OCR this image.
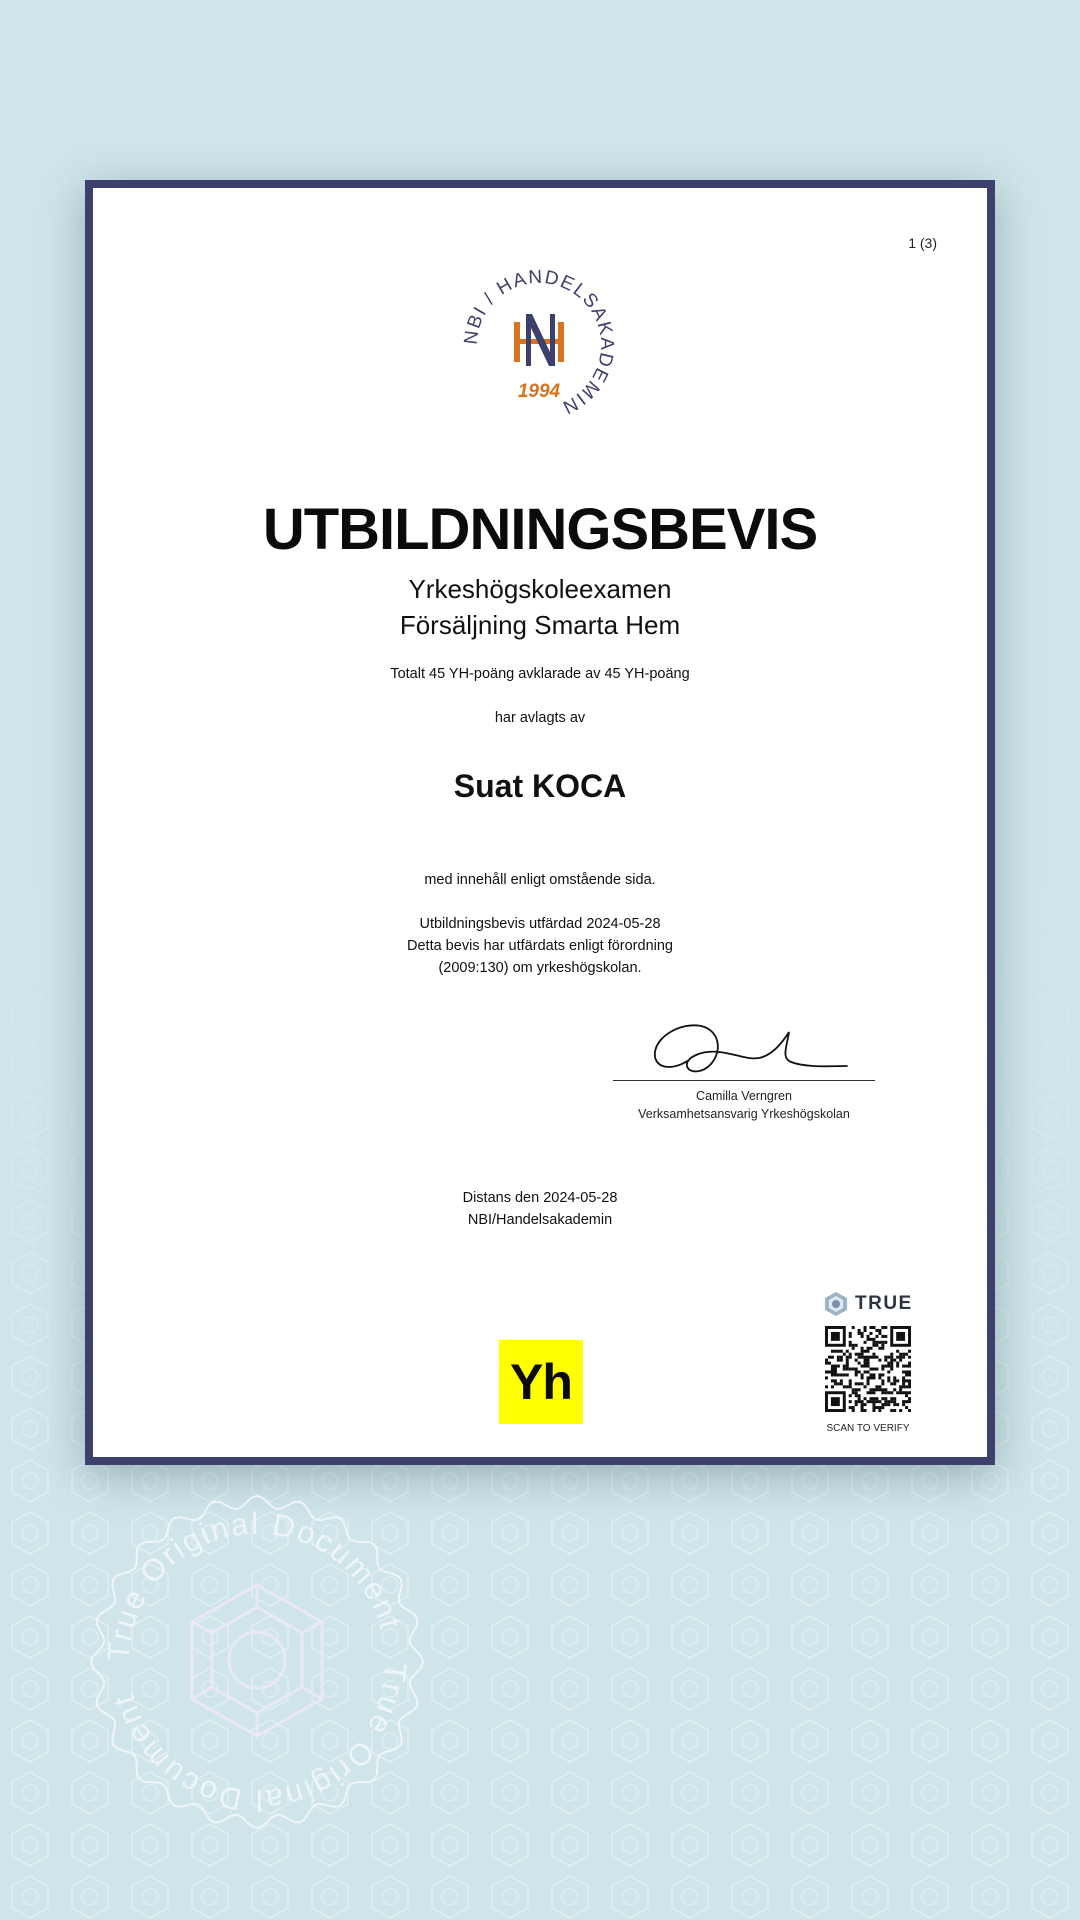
1 (3)
NBI / HANDELSAKADEMIN
1994
UTBILDNINGSBEVIS
Yrkeshögskoleexamen
Försäljning Smarta Hem
Totalt 45 YH-poäng avklarade av 45 YH-poäng
har avlagts av
Suat KOCA
med innehåll enligt omstående sida.
Utbildningsbevis utfärdad 2024-05-28
Detta bevis har utfärdats enligt förordning
(2009:130) om yrkeshögskolan.
Camilla Verngren
Verksamhetsansvarig Yrkeshögskolan
Distans den 2024-05-28
NBI/Handelsakademin
Yh
TRUE
SCAN TO VERIFY
True Original Document
True Original Document
